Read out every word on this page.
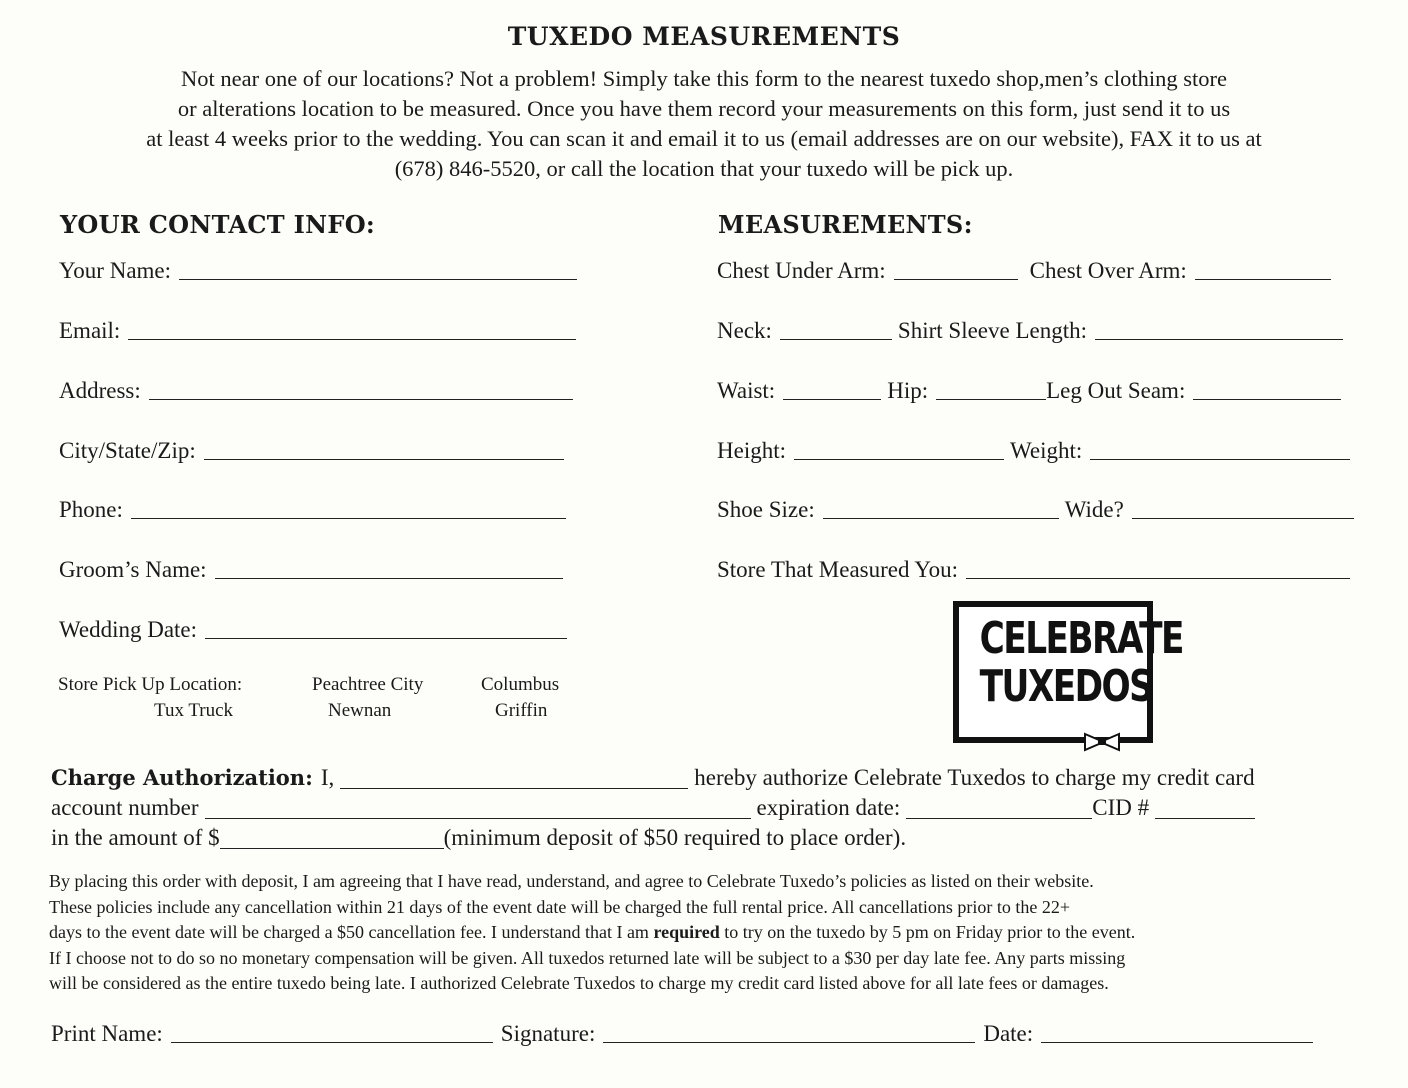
TUXEDO MEASUREMENTS
Not near one of our locations? Not a problem! Simply take this form to the nearest tuxedo shop,men’s clothing store
or alterations location to be measured. Once you have them record your measurements on this form, just send it to us
at least 4 weeks prior to the wedding. You can scan it and email it to us (email addresses are on our website), FAX it to us at
(678) 846-5520, or call the location that your tuxedo will be pick up.
YOUR CONTACT INFO:
Your Name:
Email:
Address:
City/State/Zip:
Phone:
Groom’s Name:
Wedding Date:
Store Pick Up Location:	Peachtree City	Columbus
Tux Truck	Newnan	Griffin
MEASUREMENTS:
Chest Under Arm:	Chest Over Arm:
Neck:	Shirt Sleeve Length:
Waist:	Hip:	Leg Out Seam:
Height:	Weight:
Shoe Size:	Wide?
Store That Measured You:
CELEBRATE
TUXEDOS
Charge Authorization: I,	hereby authorize Celebrate Tuxedos to charge my credit card
account number	expiration date:	CID #
in the amount of $	(minimum deposit of $50 required to place order).
By placing this order with deposit, I am agreeing that I have read, understand, and agree to Celebrate Tuxedo’s policies as listed on their website.
These policies include any cancellation within 21 days of the event date will be charged the full rental price. All cancellations prior to the 22+
days to the event date will be charged a $50 cancellation fee. I understand that I am required to try on the tuxedo by 5 pm on Friday prior to the event.
If I choose not to do so no monetary compensation will be given. All tuxedos returned late will be subject to a $30 per day late fee. Any parts missing
will be considered as the entire tuxedo being late. I authorized Celebrate Tuxedos to charge my credit card listed above for all late fees or damages.
Print Name:	Signature:	Date:
